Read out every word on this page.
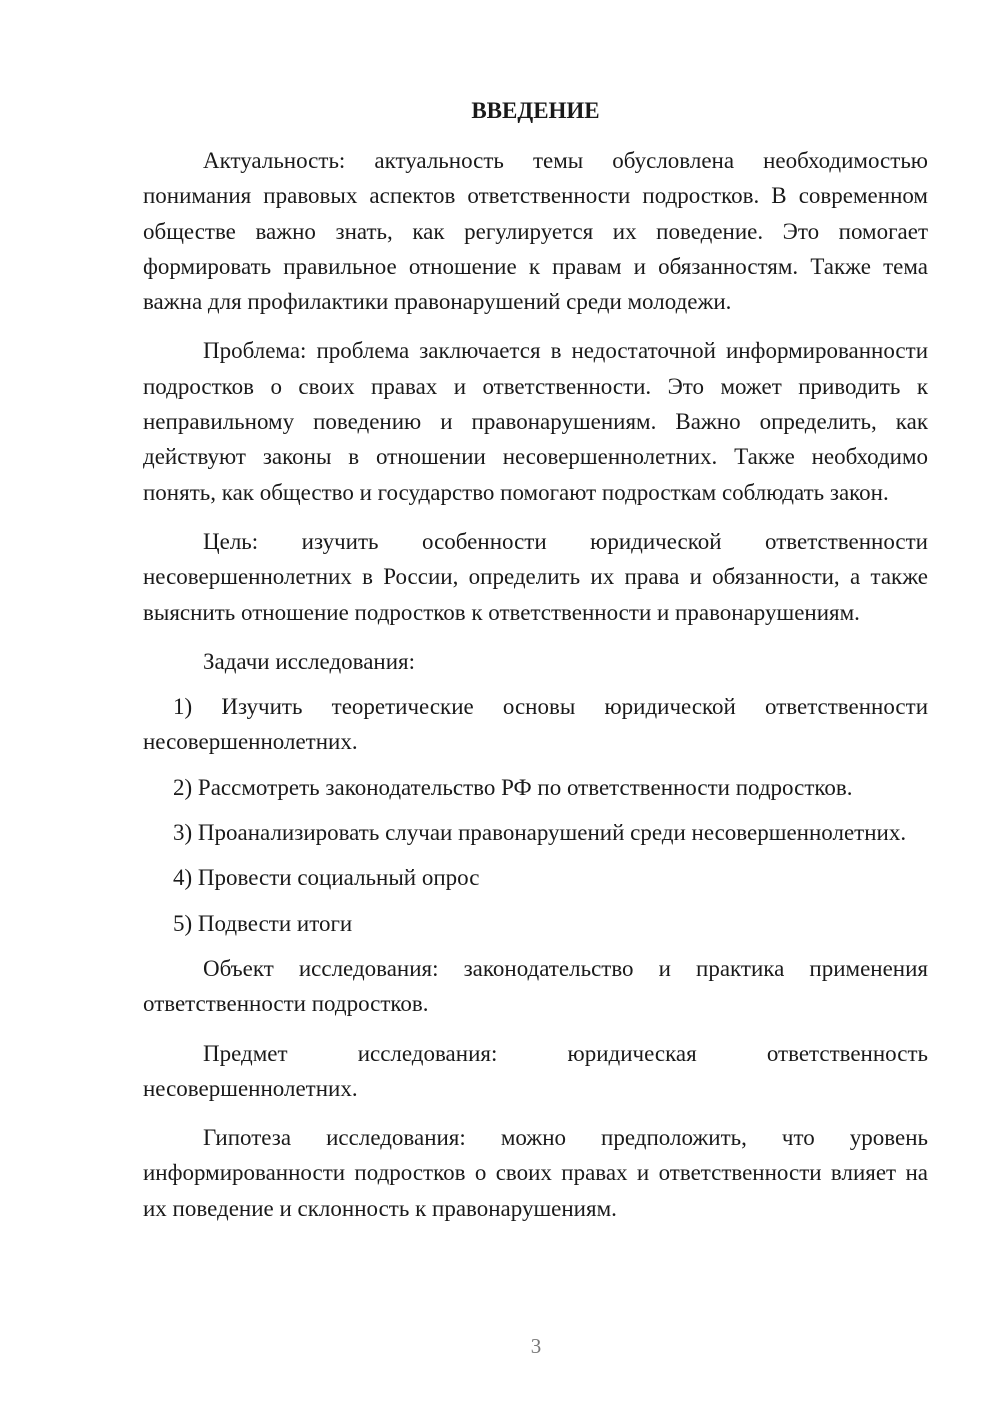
ВВЕДЕНИЕ

Актуальность: актуальность темы обусловлена необходимостью понимания правовых аспектов ответственности подростков. В современном обществе важно знать, как регулируется их поведение. Это помогает формировать правильное отношение к правам и обязанностям. Также тема важна для профилактики правонарушений среди молодежи.

Проблема: проблема заключается в недостаточной информированности подростков о своих правах и ответственности. Это может приводить к неправильному поведению и правонарушениям. Важно определить, как действуют законы в отношении несовершеннолетних. Также необходимо понять, как общество и государство помогают подросткам соблюдать закон.

Цель: изучить особенности юридической ответственности несовершеннолетних в России, определить их права и обязанности, а также выяснить отношение подростков к ответственности и правонарушениям.

Задачи исследования:

1) Изучить теоретические основы юридической ответственности несовершеннолетних.

2) Рассмотреть законодательство РФ по ответственности подростков.

3) Проанализировать случаи правонарушений среди несовершеннолетних.

4) Провести социальный опрос

5) Подвести итоги

Объект исследования: законодательство и практика применения ответственности подростков.

Предмет исследования: юридическая ответственность несовершеннолетних.

Гипотеза исследования: можно предположить, что уровень информированности подростков о своих правах и ответственности влияет на их поведение и склонность к правонарушениям.

3
